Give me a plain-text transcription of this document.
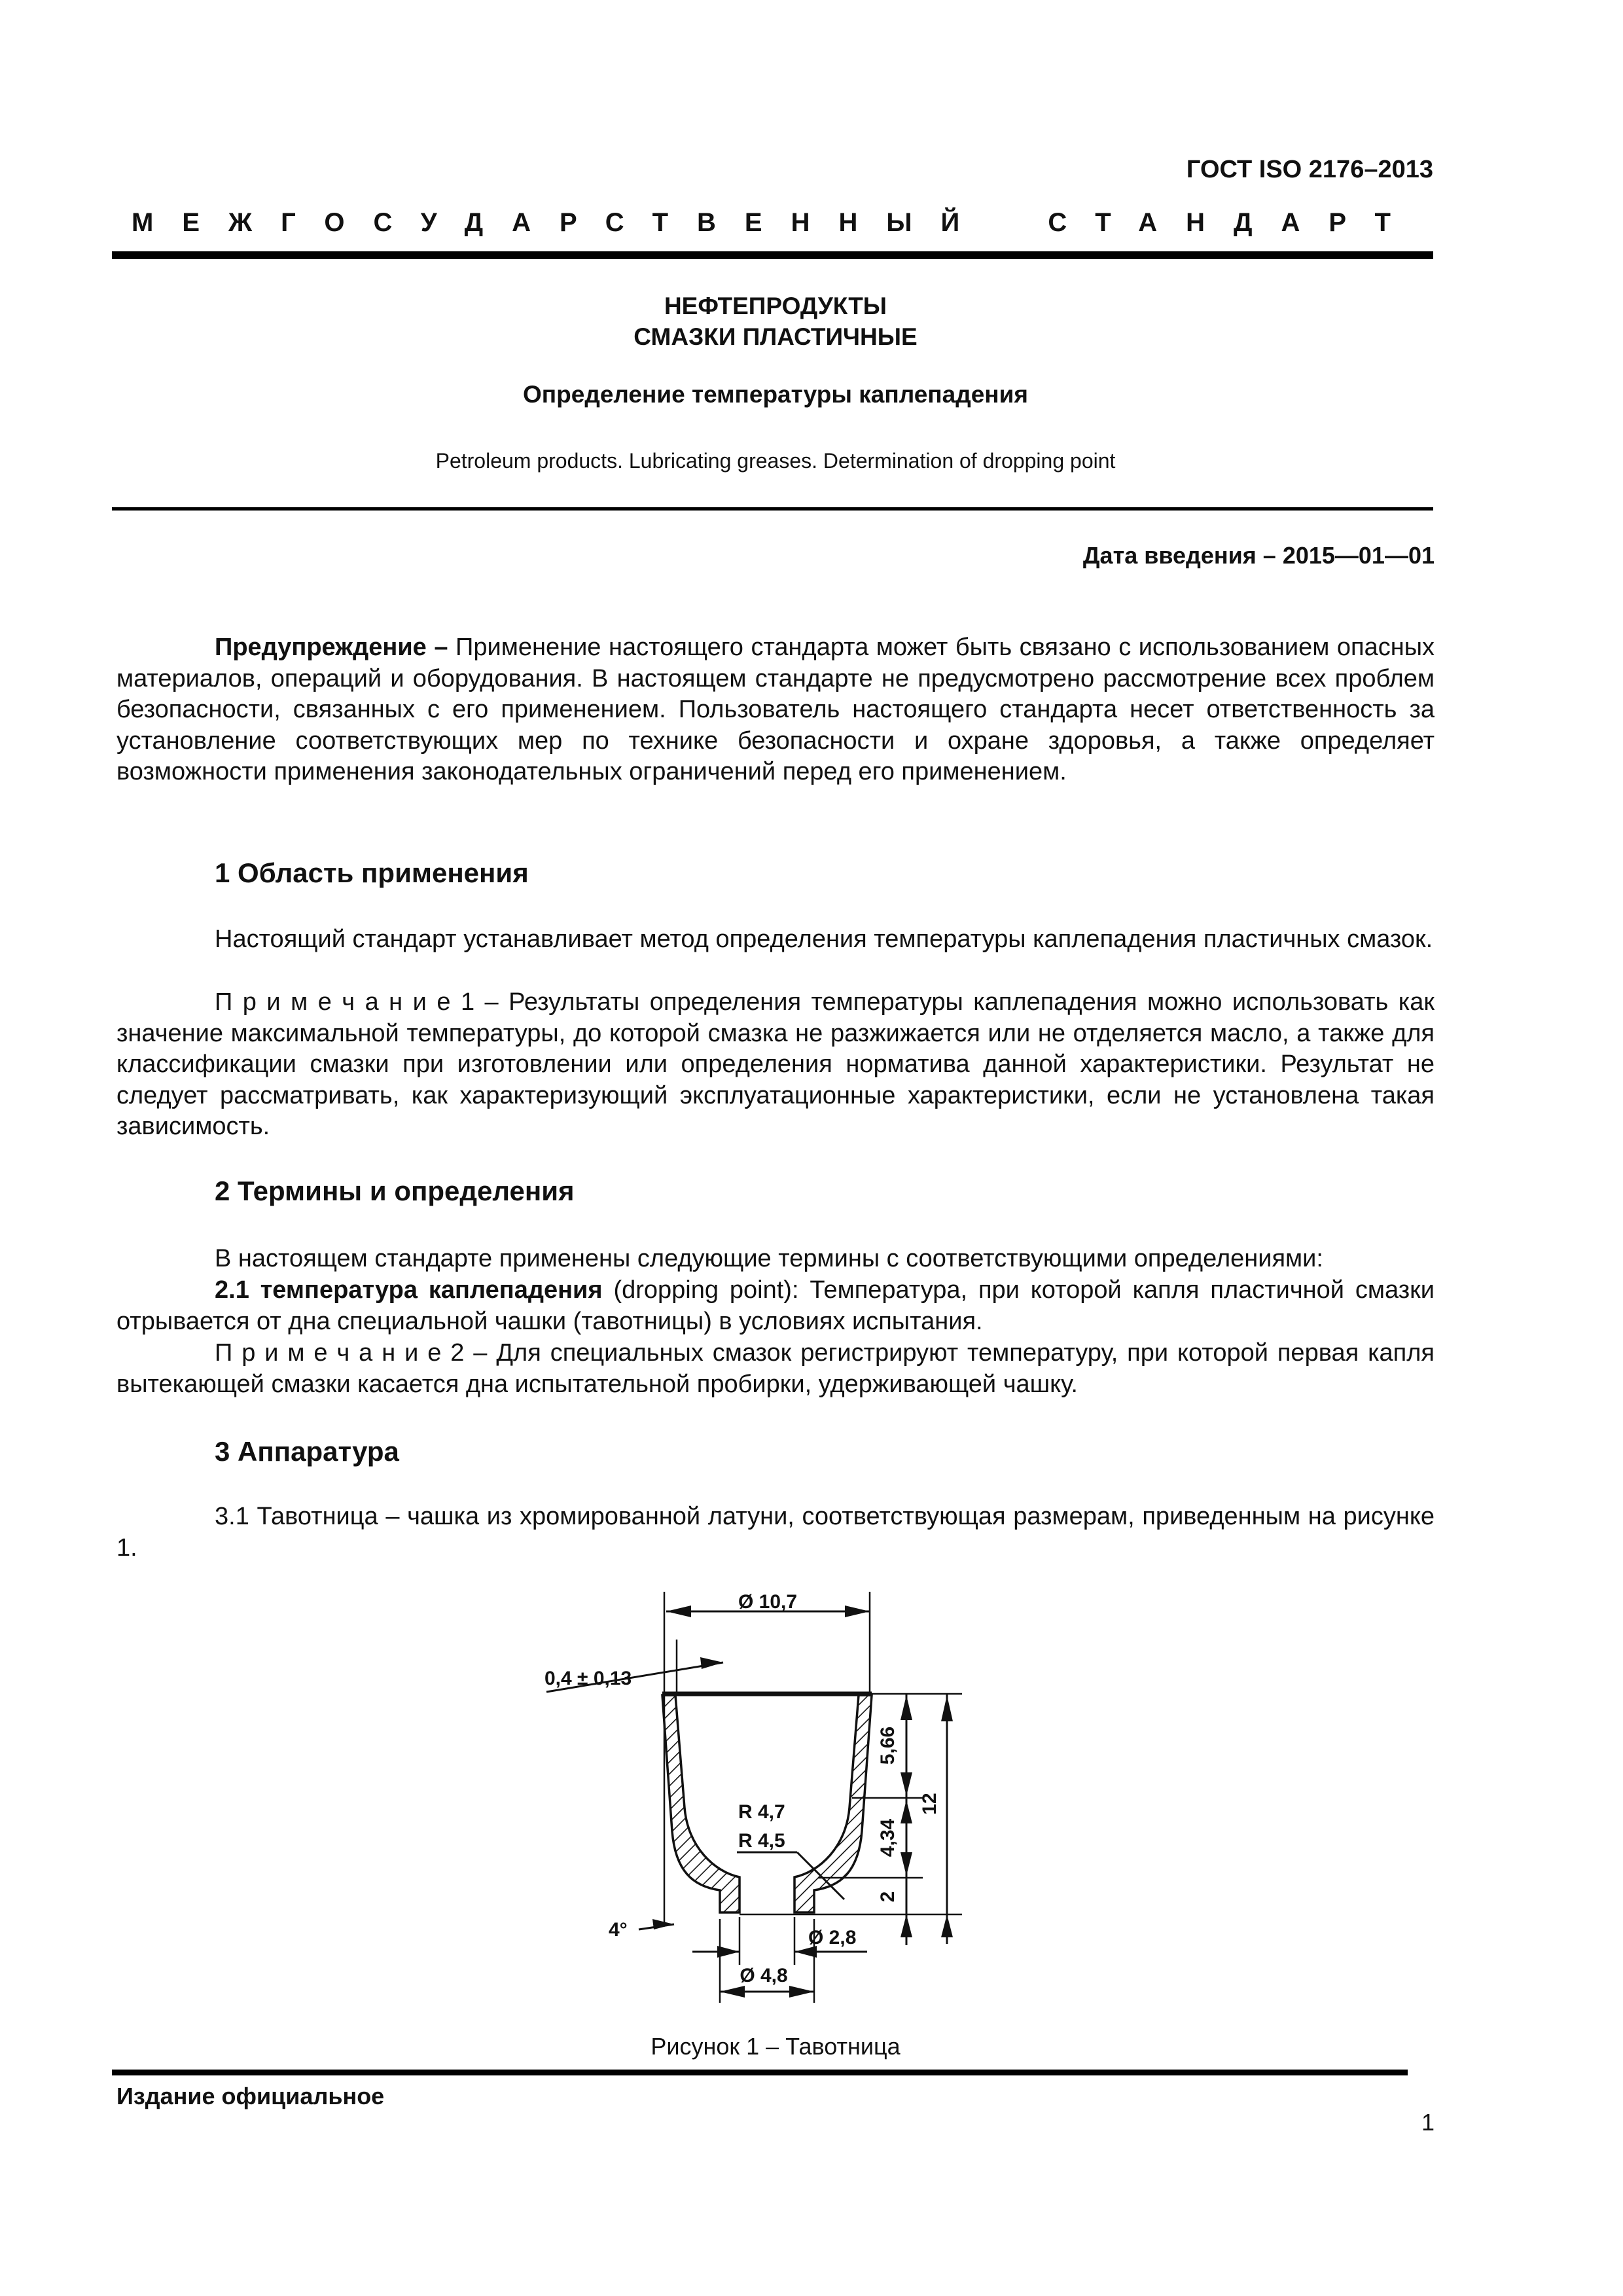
ГОСТ ISO 2176–2013
МЕЖГОСУДАРСТВЕННЫЙ СТАНДАРТ
НЕФТЕПРОДУКТЫ
СМАЗКИ ПЛАСТИЧНЫЕ
Определение температуры каплепадения
Petroleum products. Lubricating greases. Determination of dropping point
Дата введения – 2015—01—01
Предупреждение – Применение настоящего стандарта может быть связано с использованием опасных материалов, операций и оборудования. В настоящем стандарте не предусмотрено рассмотрение всех проблем безопасности, связанных с его применением. Пользователь настоящего стандарта несет ответственность за установление соответствующих мер по технике безопасности и охране здоровья, а также определяет возможности применения законодательных ограничений перед его применением.
1 Область применения
Настоящий стандарт устанавливает метод определения температуры каплепадения пластичных смазок.
П р и м е ч а н и е 1 – Результаты определения температуры каплепадения можно использовать как значение максимальной температуры, до которой смазка не разжижается или не отделяется масло, а также для классификации смазки при изготовлении или определения норматива данной характеристики. Результат не следует рассматривать, как характеризующий эксплуатационные характеристики, если не установлена такая зависимость.
2 Термины и определения
В настоящем стандарте применены следующие термины с соответствующими определениями:
2.1 температура каплепадения (dropping point): Температура, при которой капля пластичной смазки отрывается от дна специальной чашки (тавотницы) в условиях испытания.
П р и м е ч а н и е 2 – Для специальных смазок регистрируют температуру, при которой первая капля вытекающей смазки касается дна испытательной пробирки, удерживающей чашку.
3 Аппаратура
3.1 Тавотница – чашка из хромированной латуни, соответствующая размерам, приведенным на рисунке 1.
Ø 10,7
0,4 ± 0,13
R 4,7
R 4,5
4°
5,66
4,34
2
12
Ø 2,8
Ø 4,8
Рисунок 1 – Тавотница
Издание официальное
1
